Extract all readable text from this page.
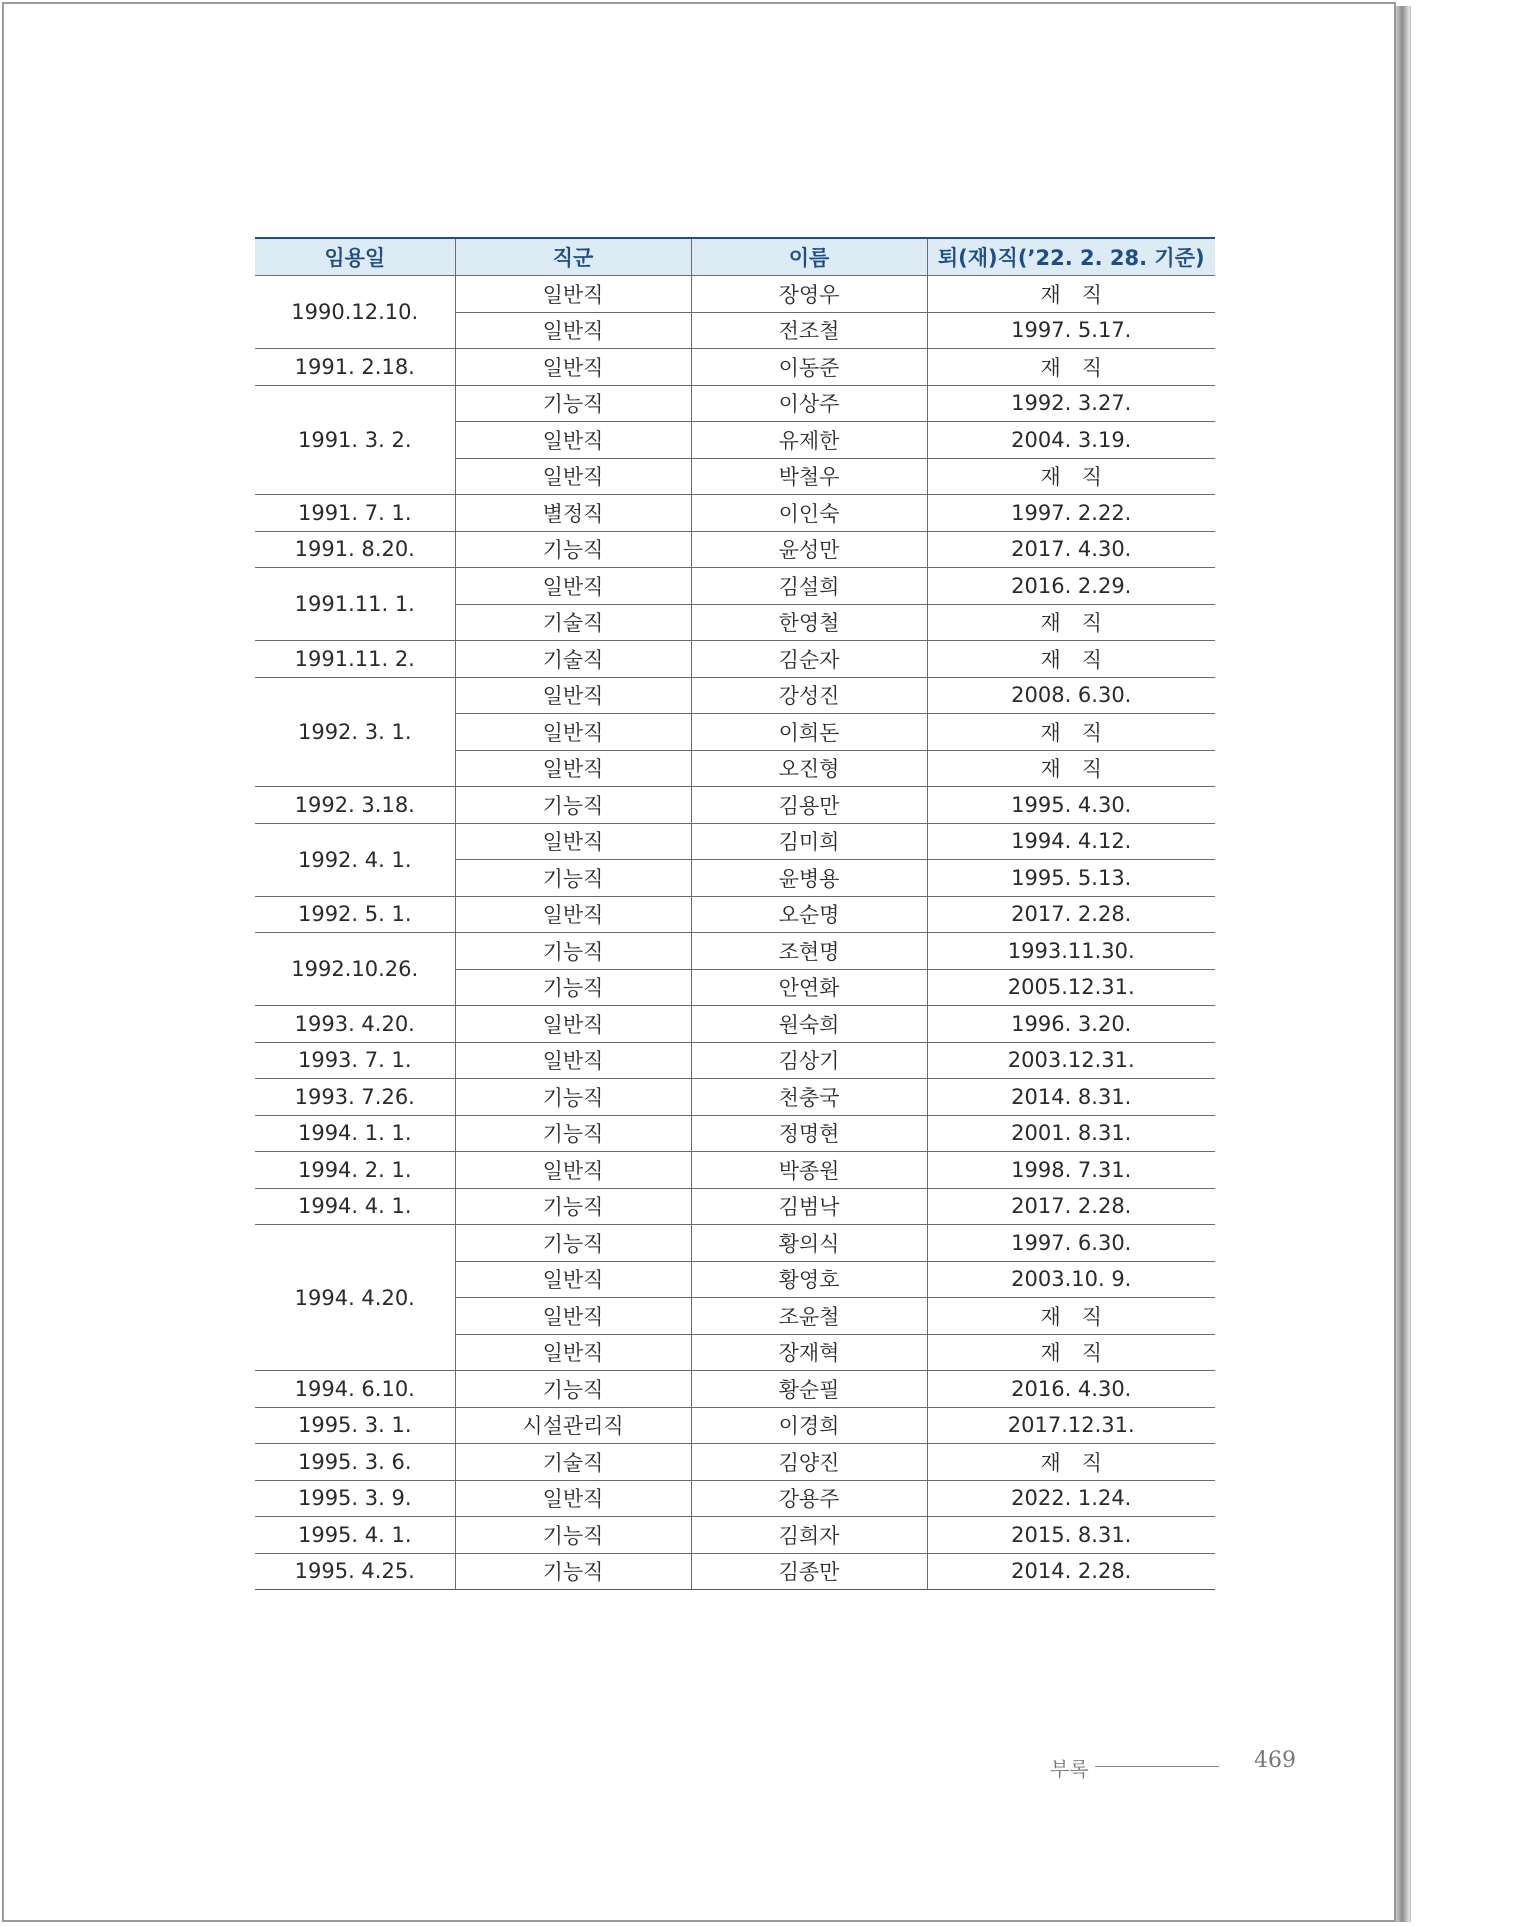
임용일	직군	이름	퇴(재)직(’22. 2. 28. 기준)
1990.12.10.	일반직	장영우	재　직
	일반직	전조철	1997. 5.17.
1991. 2.18.	일반직	이동준	재　직
1991. 3. 2.	기능직	이상주	1992. 3.27.
	일반직	유제한	2004. 3.19.
	일반직	박철우	재　직
1991. 7. 1.	별정직	이인숙	1997. 2.22.
1991. 8.20.	기능직	윤성만	2017. 4.30.
1991.11. 1.	일반직	김설희	2016. 2.29.
	기술직	한영철	재　직
1991.11. 2.	기술직	김순자	재　직
1992. 3. 1.	일반직	강성진	2008. 6.30.
	일반직	이희돈	재　직
	일반직	오진형	재　직
1992. 3.18.	기능직	김용만	1995. 4.30.
1992. 4. 1.	일반직	김미희	1994. 4.12.
	기능직	윤병용	1995. 5.13.
1992. 5. 1.	일반직	오순명	2017. 2.28.
1992.10.26.	기능직	조현명	1993.11.30.
	기능직	안연화	2005.12.31.
1993. 4.20.	일반직	원숙희	1996. 3.20.
1993. 7. 1.	일반직	김상기	2003.12.31.
1993. 7.26.	기능직	천충국	2014. 8.31.
1994. 1. 1.	기능직	정명현	2001. 8.31.
1994. 2. 1.	일반직	박종원	1998. 7.31.
1994. 4. 1.	기능직	김범낙	2017. 2.28.
1994. 4.20.	기능직	황의식	1997. 6.30.
	일반직	황영호	2003.10. 9.
	일반직	조윤철	재　직
	일반직	장재혁	재　직
1994. 6.10.	기능직	황순필	2016. 4.30.
1995. 3. 1.	시설관리직	이경희	2017.12.31.
1995. 3. 6.	기술직	김양진	재　직
1995. 3. 9.	일반직	강용주	2022. 1.24.
1995. 4. 1.	기능직	김희자	2015. 8.31.
1995. 4.25.	기능직	김종만	2014. 2.28.
부록	469
